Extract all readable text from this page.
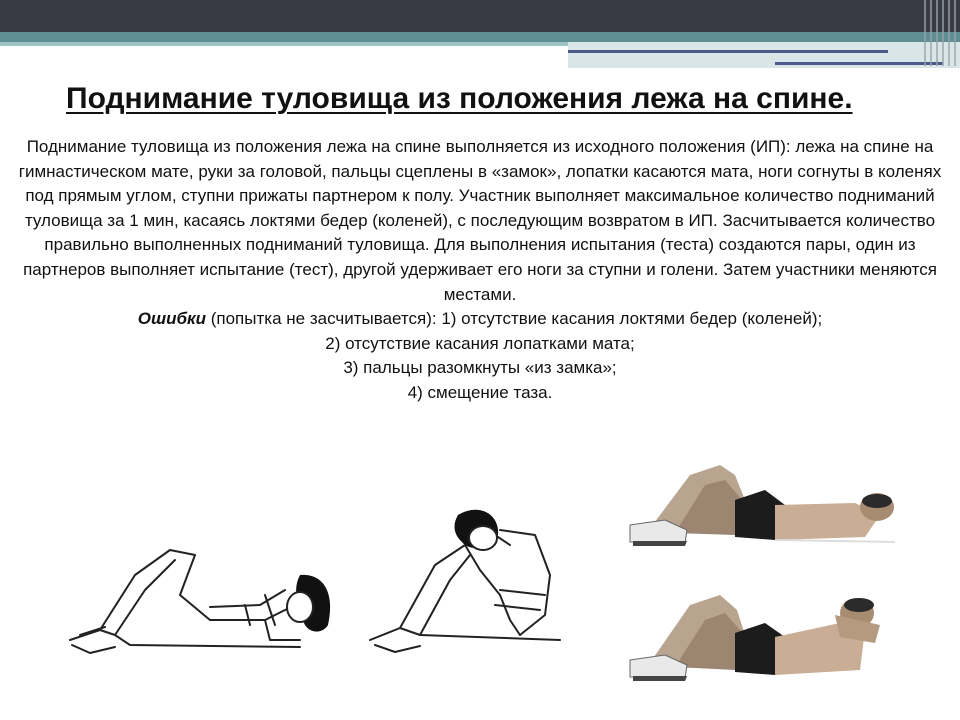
Поднимание туловища из положения лежа на спине.

Поднимание туловища из положения лежа на спине выполняется из исходного положения (ИП): лежа на спине на гимнастическом мате, руки за головой, пальцы сцеплены в «замок», лопатки касаются мата, ноги согнуты в коленях под прямым углом, ступни прижаты партнером к полу. Участник выполняет максимальное количество подниманий туловища за 1 мин, касаясь локтями бедер (коленей), с последующим возвратом в ИП. Засчитывается количество правильно выполненных подниманий туловища. Для выполнения испытания (теста) создаются пары, один из партнеров выполняет испытание (тест), другой удерживает его ноги за ступни и голени. Затем участники меняются местами.

Ошибки (попытка не засчитывается): 1) отсутствие касания локтями бедер (коленей);

2) отсутствие касания лопатками мата;

3) пальцы разомкнуты «из замка»;

4) смещение таза.
